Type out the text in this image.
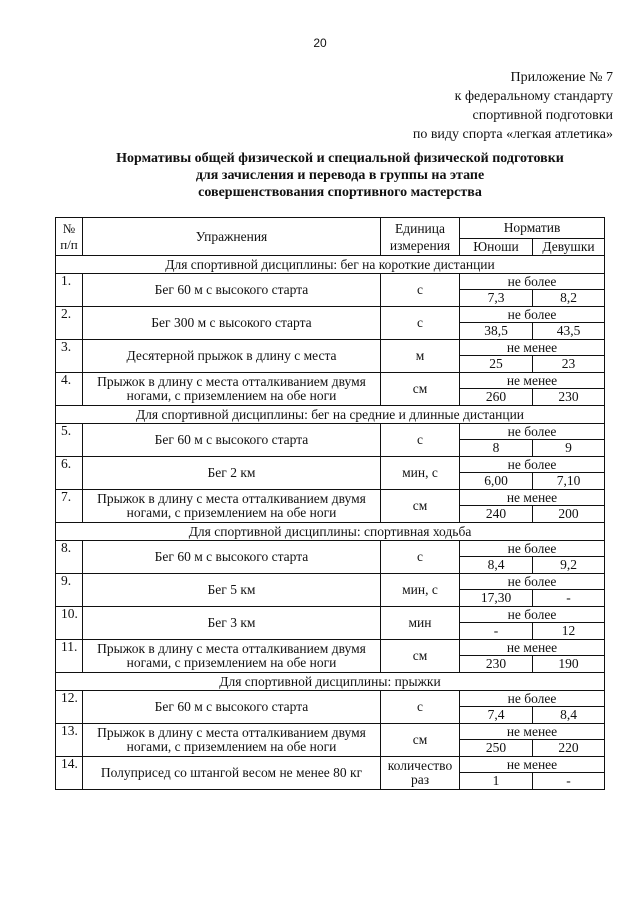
20
Приложение № 7
к федеральному стандарту
спортивной подготовки
по виду спорта «легкая атлетика»
Нормативы общей физической и специальной физической подготовки
для зачисления и перевода в группы на этапе
совершенствования спортивного мастерства
№ п/п	Упражнения	Единица измерения	Норматив	
			Юноши	Девушки
Для спортивной дисциплины: бег на короткие дистанции				
1.	Бег 60 м с высокого старта	с	не более	
			7,3	8,2
2.	Бег 300 м с высокого старта	с	не более	
			38,5	43,5
3.	Десятерной прыжок в длину с места	м	не менее	
			25	23
4.	Прыжок в длину с места отталкиванием двумя ногами, с приземлением на обе ноги	см	не менее	
			260	230
Для спортивной дисциплины: бег на средние и длинные дистанции				
5.	Бег 60 м с высокого старта	с	не более	
			8	9
6.	Бег 2 км	мин, с	не более	
			6,00	7,10
7.	Прыжок в длину с места отталкиванием двумя ногами, с приземлением на обе ноги	см	не менее	
			240	200
Для спортивной дисциплины: спортивная ходьба				
8.	Бег 60 м с высокого старта	с	не более	
			8,4	9,2
9.	Бег 5 км	мин, с	не более	
			17,30	-
10.	Бег 3 км	мин	не более	
			-	12
11.	Прыжок в длину с места отталкиванием двумя ногами, с приземлением на обе ноги	см	не менее	
			230	190
Для спортивной дисциплины: прыжки				
12.	Бег 60 м с высокого старта	с	не более	
			7,4	8,4
13.	Прыжок в длину с места отталкиванием двумя ногами, с приземлением на обе ноги	см	не менее	
			250	220
14.	Полуприсед со штангой весом не менее 80 кг	количество раз	не менее	
			1	-
